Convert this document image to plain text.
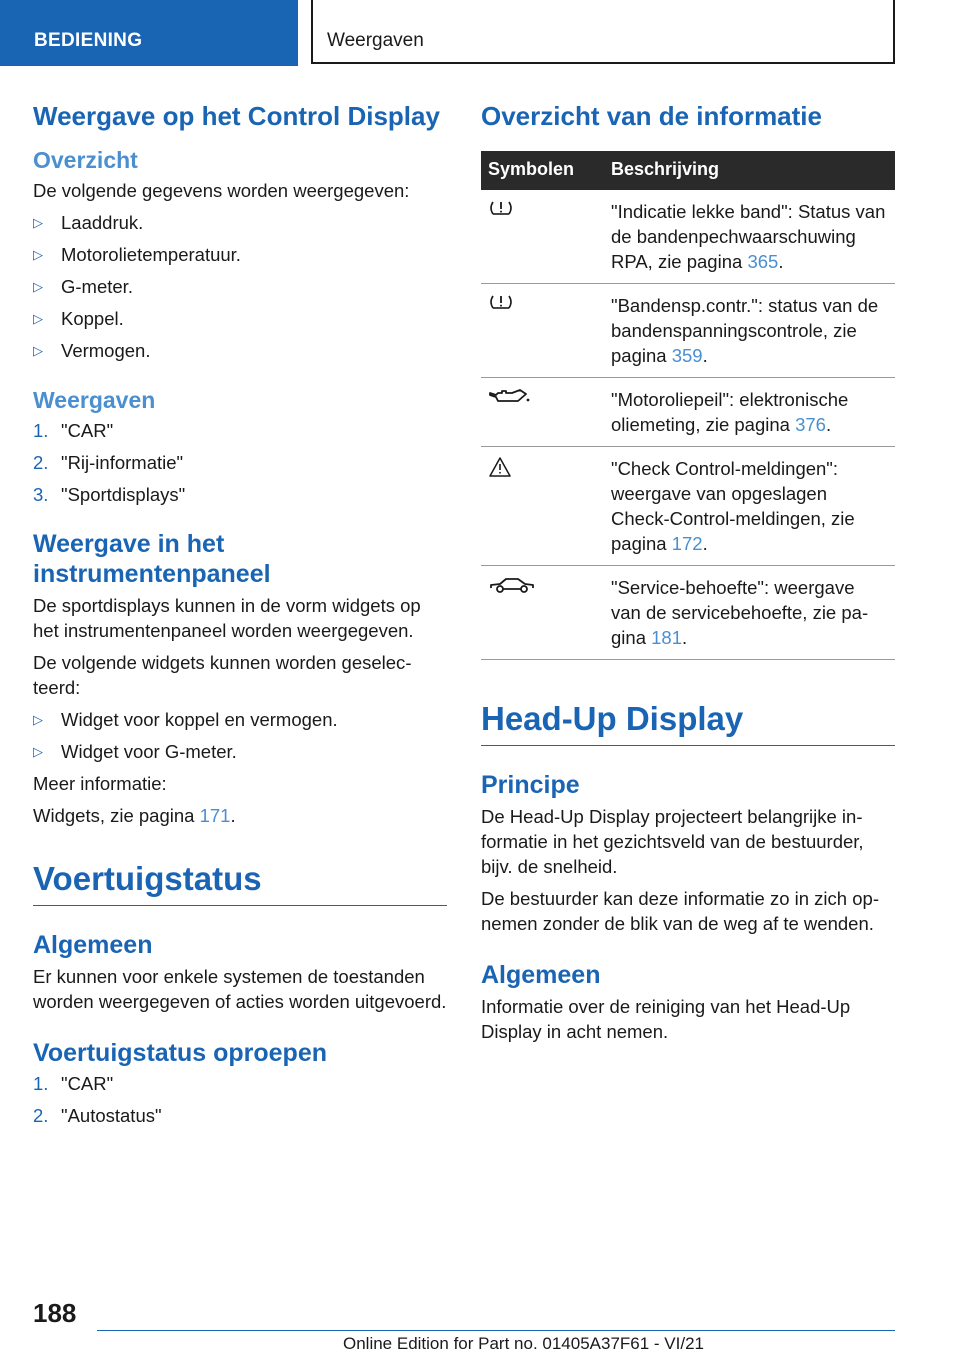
BEDIENING	Weergaven
Weergave op het Control Display
Overzicht

De volgende gegevens worden weergegeven:

▷ Laaddruk.
▷ Motorolietemperatuur.
▷ G-meter.
▷ Koppel.
▷ Vermogen.
Weergaven
1. "CAR"
2. "Rij-informatie"
3. "Sportdisplays"
Weergave in het instrumentenpaneel

De sportdisplays kunnen in de vorm widgets op het instrumentenpaneel worden weergegeven.

De volgende widgets kunnen worden geselecteerd:

▷ Widget voor koppel en vermogen.
▷ Widget voor G-meter.

Meer informatie:

Widgets, zie pagina 171.

Voertuigstatus
Algemeen

Er kunnen voor enkele systemen de toestanden worden weergegeven of acties worden uitgevoerd.

Voertuigstatus oproepen
1. "CAR"
2. "Autostatus"
Overzicht van de informatie
Symbolen	Beschrijving
	"Indicatie lekke band": Status van de bandenpechwaarschuwing RPA, zie pagina 365.
	"Bandensp.contr.": status van de bandenspanningscontrole, zie pagina 359.
	"Motoroliepeil": elektronische oliemeting, zie pagina 376.
	"Check Control-meldingen": weergave van opgeslagen Check-Control-meldingen, zie pagina 172.
	"Service-behoefte": weergave van de servicebehoefte, zie pagina 181.
Head-Up Display
Principe

De Head-Up Display projecteert belangrijke informatie in het gezichtsveld van de bestuurder, bijv. de snelheid.

De bestuurder kan deze informatie zo in zich opnemen zonder de blik van de weg af te wenden.

Algemeen

Informatie over de reiniging van het Head-Up Display in acht nemen.

188
Online Edition for Part no. 01405A37F61 - VI/21
